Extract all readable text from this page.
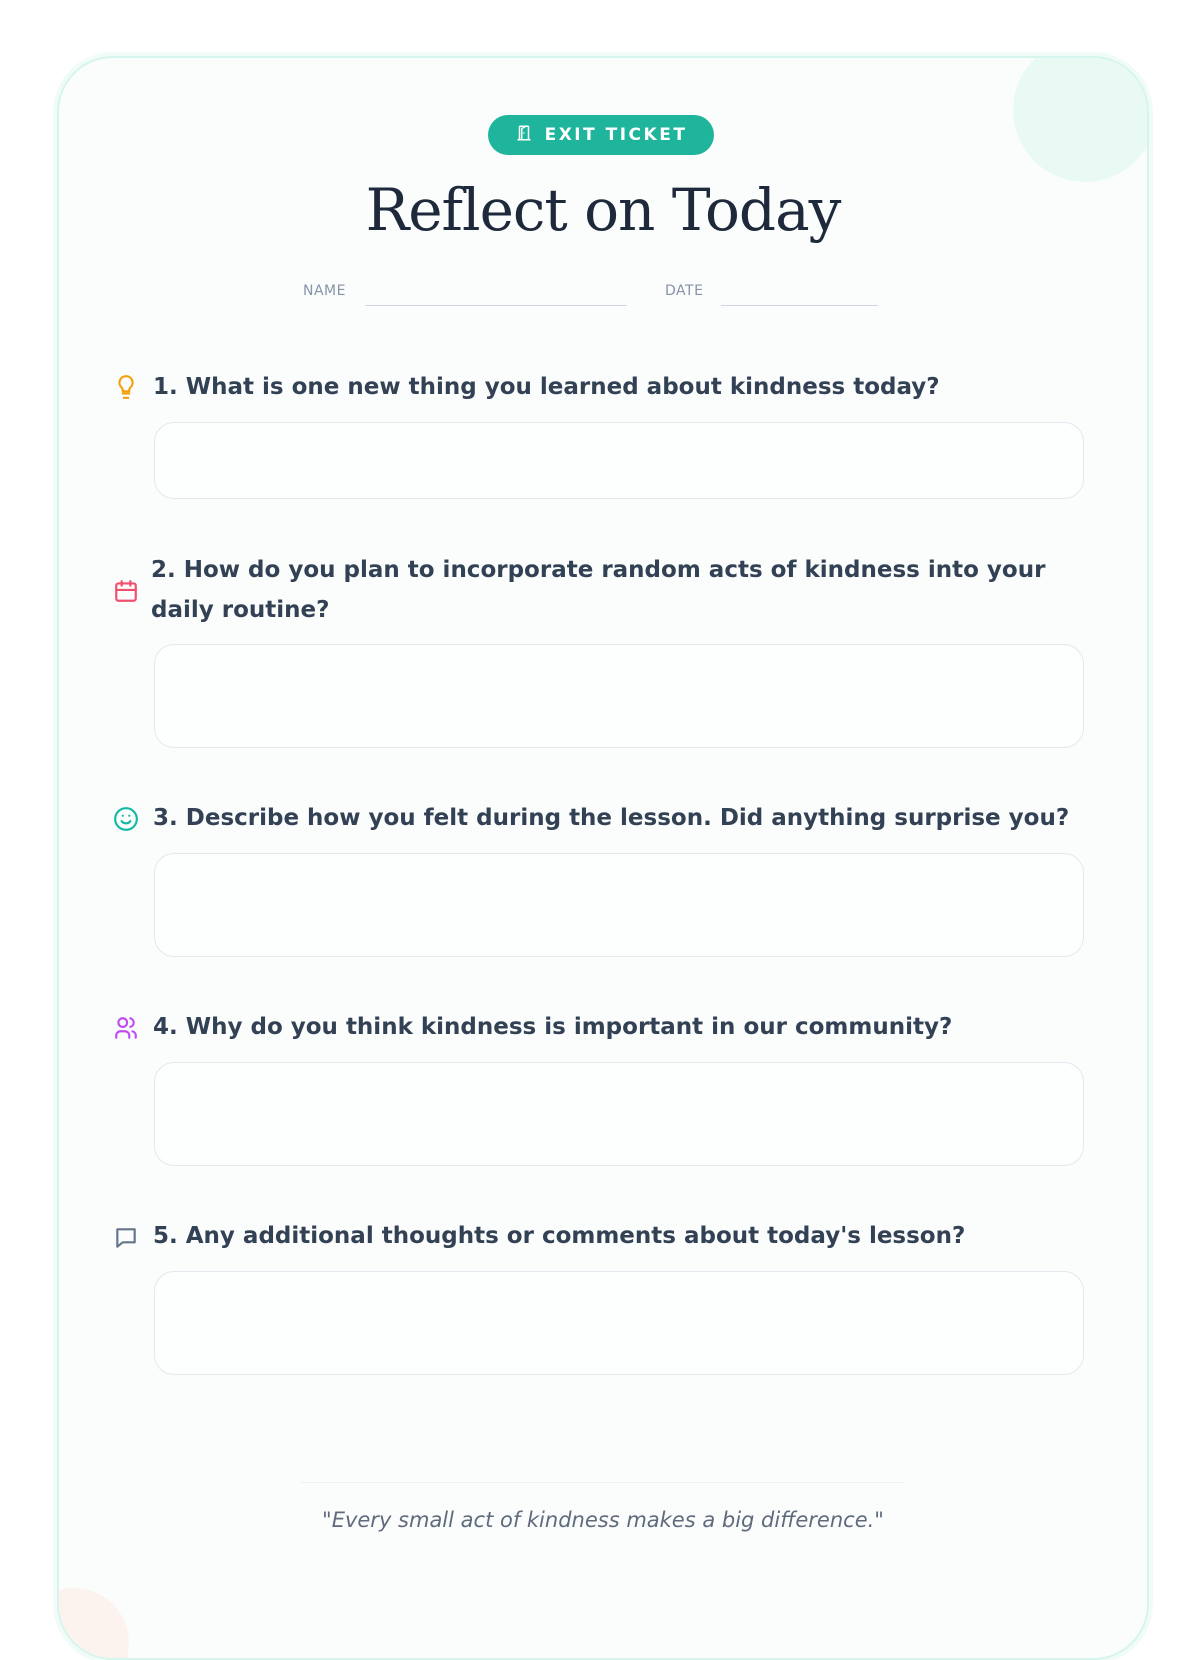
EXIT TICKET
Reflect on Today
NAME	DATE
1. What is one new thing you learned about kindness today?
2. How do you plan to incorporate random acts of kindness into your daily routine?
3. Describe how you felt during the lesson. Did anything surprise you?
4. Why do you think kindness is important in our community?
5. Any additional thoughts or comments about today's lesson?
"Every small act of kindness makes a big difference."
